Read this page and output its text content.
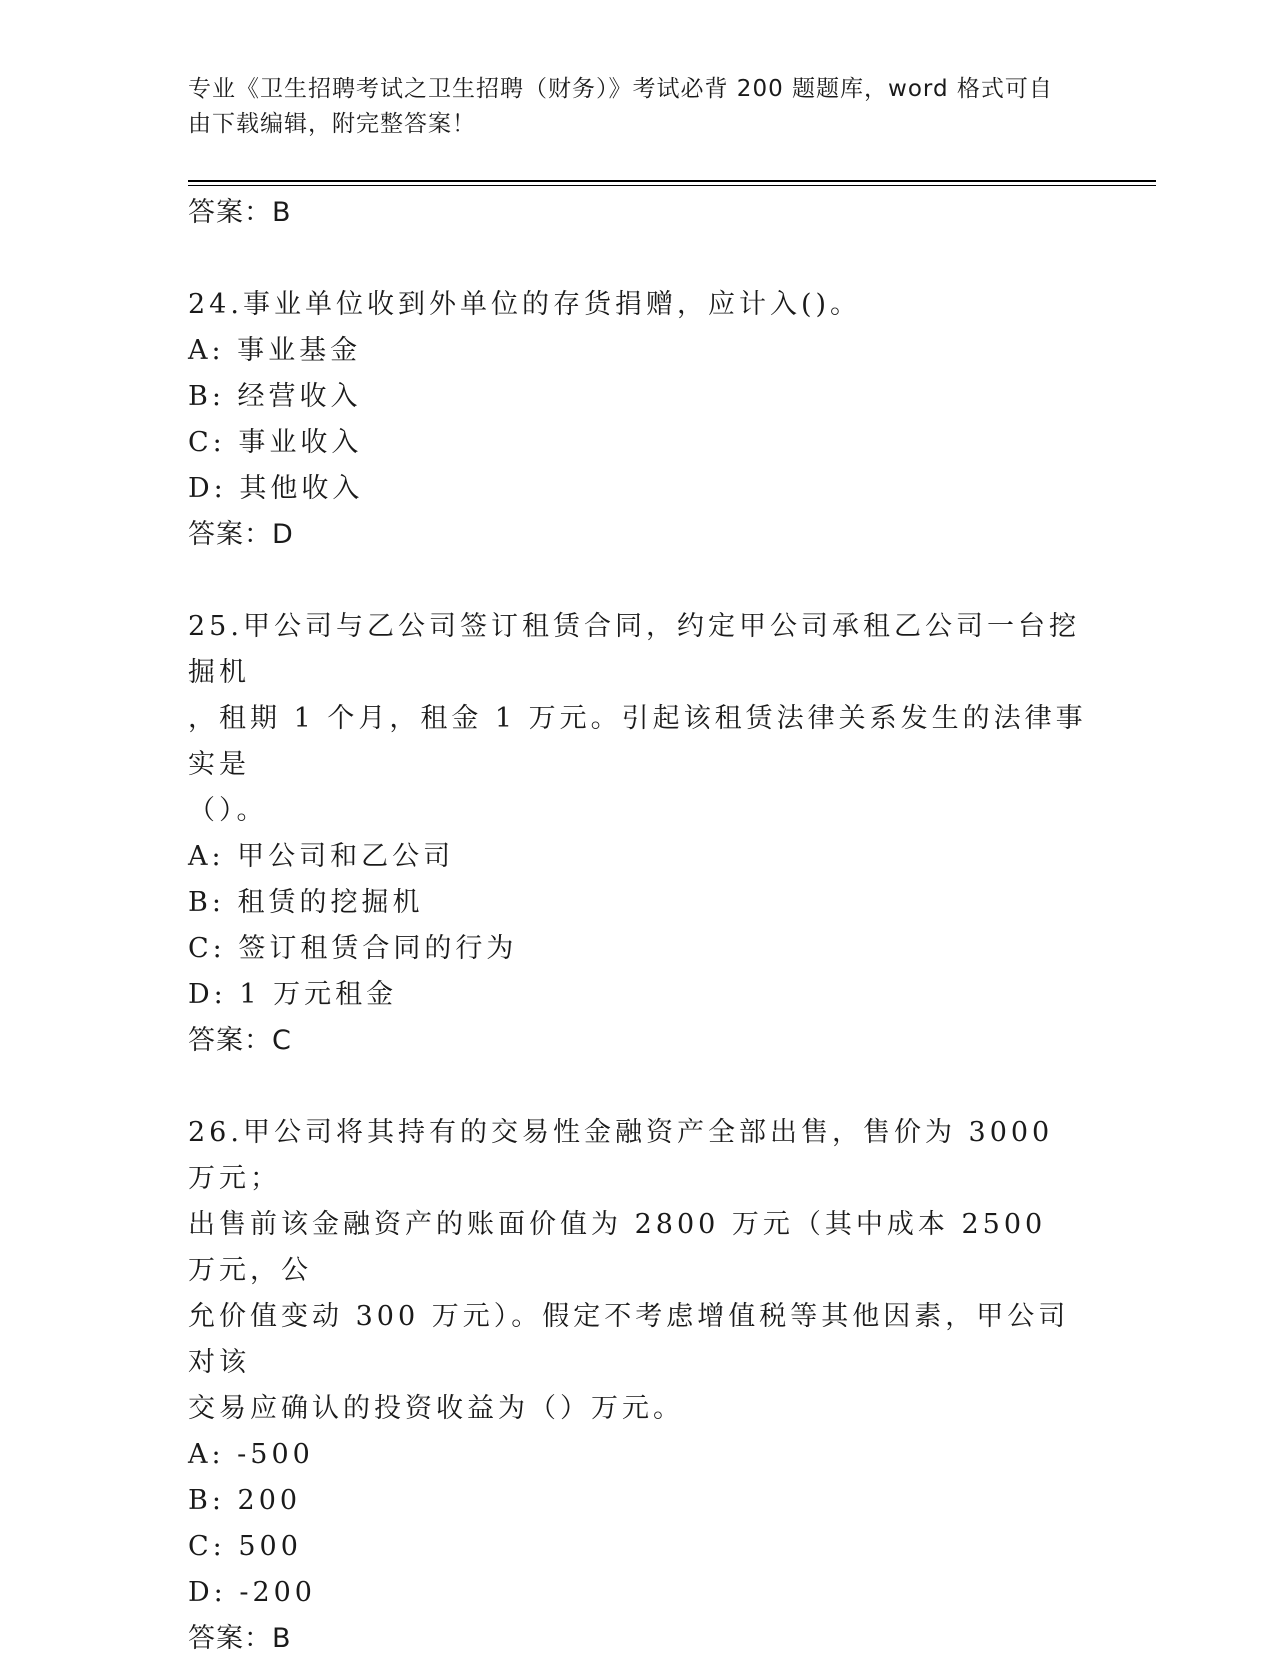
专业《卫生招聘考试之卫生招聘（财务）》考试必背 200 题题库，word 格式可自
由下载编辑，附完整答案！
答案：B
24.事业单位收到外单位的存货捐赠，应计入()。
A: 事业基金
B: 经营收入
C: 事业收入
D: 其他收入
答案：D
25.甲公司与乙公司签订租赁合同，约定甲公司承租乙公司一台挖掘机
，租期 1 个月，租金 1 万元。引起该租赁法律关系发生的法律事实是
（）。
A: 甲公司和乙公司
B: 租赁的挖掘机
C: 签订租赁合同的行为
D: 1 万元租金
答案：C
26.甲公司将其持有的交易性金融资产全部出售，售价为 3000 万元；
出售前该金融资产的账面价值为 2800 万元（其中成本 2500 万元，公
允价值变动 300 万元）。假定不考虑增值税等其他因素，甲公司对该
交易应确认的投资收益为（）万元。
A: -500
B: 200
C: 500
D: -200
答案：B
